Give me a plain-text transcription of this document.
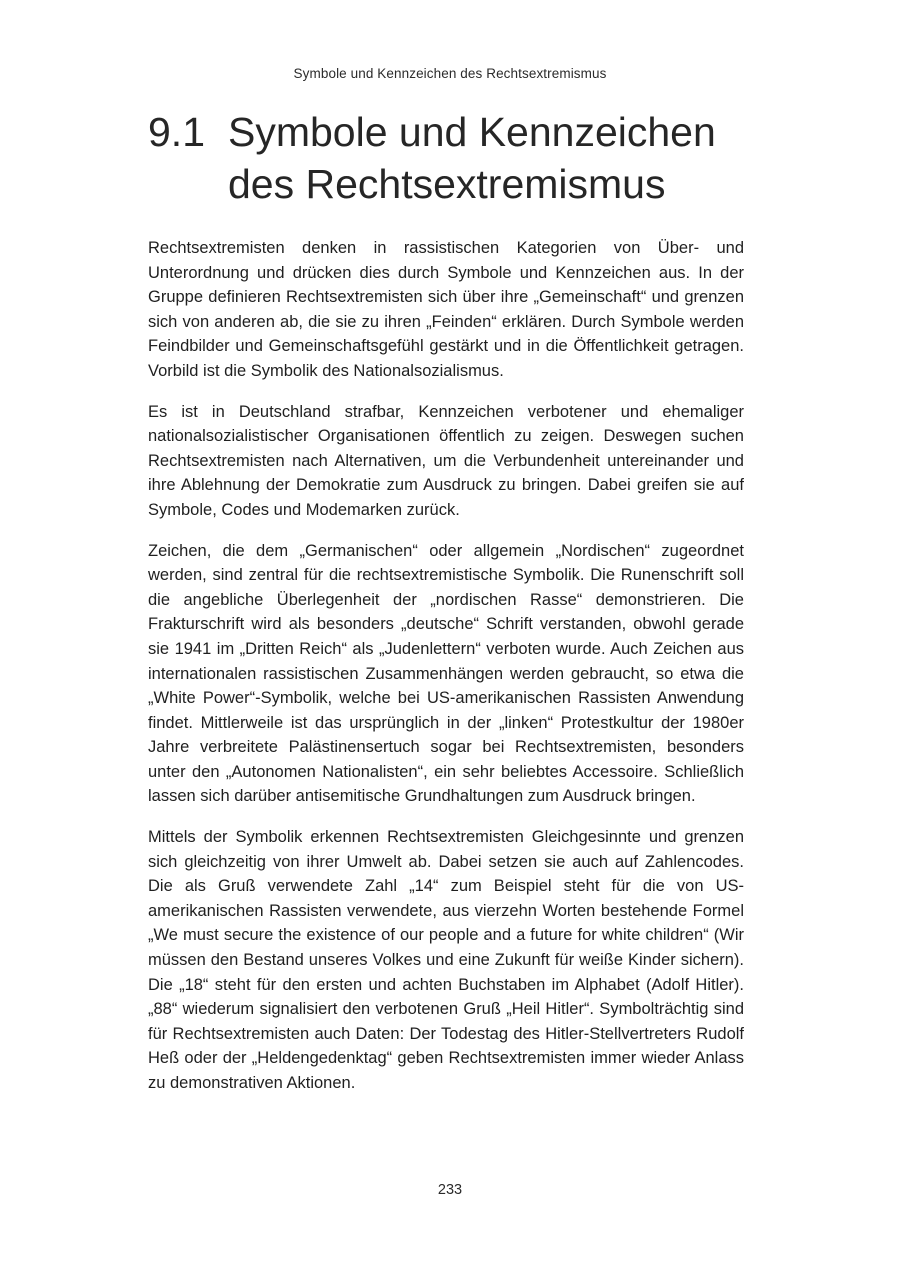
Symbole und Kennzeichen des Rechtsextremismus
9.1 Symbole und Kennzeichen des Rechtsextremismus

Rechtsextremisten denken in rassistischen Kategorien von Über- und Unterordnung und drücken dies durch Symbole und Kennzeichen aus. In der Gruppe definieren Rechtsextremisten sich über ihre „Gemeinschaft“ und grenzen sich von anderen ab, die sie zu ihren „Feinden“ erklären. Durch Symbole werden Feindbilder und Gemeinschaftsgefühl gestärkt und in die Öffentlichkeit getragen. Vorbild ist die Symbolik des Nationalsozialismus.

Es ist in Deutschland strafbar, Kennzeichen verbotener und ehemaliger nationalsozialistischer Organisationen öffentlich zu zeigen. Deswegen suchen Rechtsextremisten nach Alternativen, um die Verbundenheit untereinander und ihre Ablehnung der Demokratie zum Ausdruck zu bringen. Dabei greifen sie auf Symbole, Codes und Modemarken zurück.

Zeichen, die dem „Germanischen“ oder allgemein „Nordischen“ zugeordnet werden, sind zentral für die rechtsextremistische Symbolik. Die Runenschrift soll die angebliche Überlegenheit der „nordischen Rasse“ demonstrieren. Die Frakturschrift wird als besonders „deutsche“ Schrift verstanden, obwohl gerade sie 1941 im „Dritten Reich“ als „Judenlettern“ verboten wurde. Auch Zeichen aus internationalen rassistischen Zusammenhängen werden gebraucht, so etwa die „White Power“-Symbolik, welche bei US-amerikanischen Rassisten Anwendung findet. Mittlerweile ist das ursprünglich in der „linken“ Protestkultur der 1980er Jahre verbreitete Palästinensertuch sogar bei Rechtsextremisten, besonders unter den „Autonomen Nationalisten“, ein sehr beliebtes Accessoire. Schließlich lassen sich darüber antisemitische Grundhaltungen zum Ausdruck bringen.

Mittels der Symbolik erkennen Rechtsextremisten Gleichgesinnte und grenzen sich gleichzeitig von ihrer Umwelt ab. Dabei setzen sie auch auf Zahlencodes. Die als Gruß verwendete Zahl „14“ zum Beispiel steht für die von US-amerikanischen Rassisten verwendete, aus vierzehn Worten bestehende Formel „We must secure the existence of our people and a future for white children“ (Wir müssen den Bestand unseres Volkes und eine Zukunft für weiße Kinder sichern). Die „18“ steht für den ersten und achten Buchstaben im Alphabet (Adolf Hitler). „88“ wiederum signalisiert den verbotenen Gruß „Heil Hitler“. Symbolträchtig sind für Rechtsextremisten auch Daten: Der Todestag des Hitler-Stellvertreters Rudolf Heß oder der „Heldengedenktag“ geben Rechtsextremisten immer wieder Anlass zu demonstrativen Aktionen.

233
